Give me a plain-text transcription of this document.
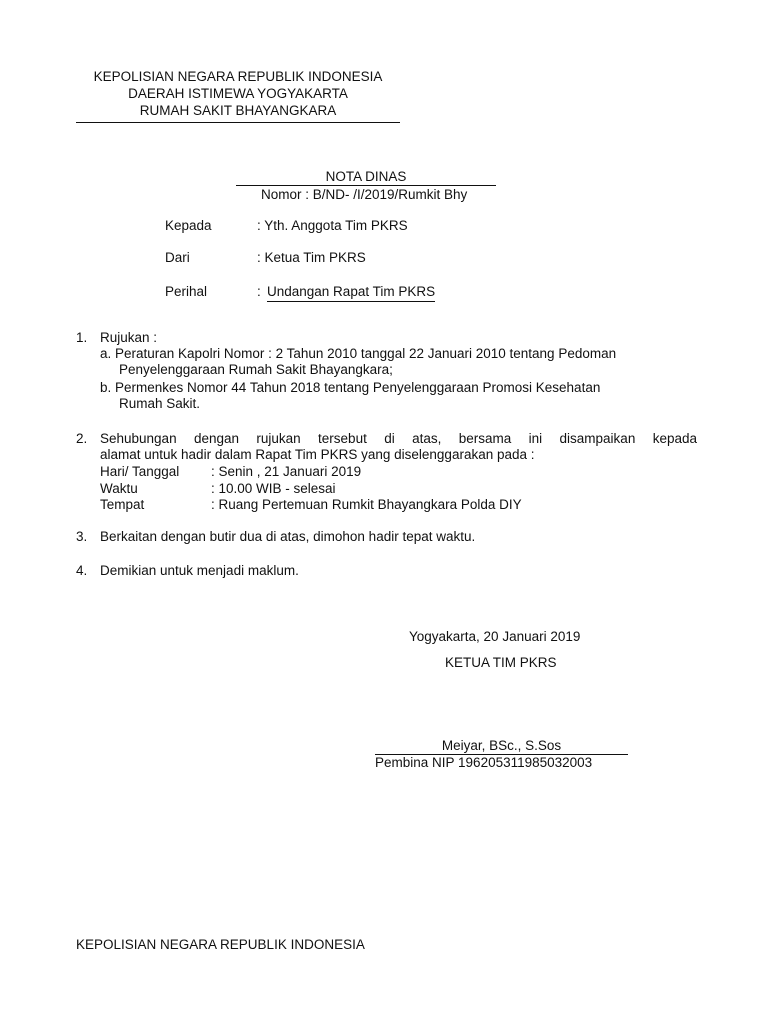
KEPOLISIAN NEGARA REPUBLIK INDONESIA
DAERAH ISTIMEWA YOGYAKARTA
RUMAH SAKIT BHAYANGKARA
NOTA DINAS
Nomor : B/ND- /I/2019/Rumkit Bhy
Kepada	: Yth. Anggota Tim PKRS
Dari	: Ketua Tim PKRS
Perihal	: Undangan Rapat Tim PKRS
1. Rujukan :
a. Peraturan Kapolri Nomor : 2 Tahun 2010 tanggal 22 Januari 2010 tentang Pedoman
Penyelenggaraan Rumah Sakit Bhayangkara;
b. Permenkes Nomor 44 Tahun 2018 tentang Penyelenggaraan Promosi Kesehatan
Rumah Sakit.
2. Sehubungan dengan rujukan tersebut di atas, bersama ini disampaikan kepada
alamat untuk hadir dalam Rapat Tim PKRS yang diselenggarakan pada :
Hari/ Tanggal : Senin , 21 Januari 2019
Waktu	: 10.00 WIB - selesai
Tempat	: Ruang Pertemuan Rumkit Bhayangkara Polda DIY
3. Berkaitan dengan butir dua di atas, dimohon hadir tepat waktu.
4. Demikian untuk menjadi maklum.
Yogyakarta, 20 Januari 2019
KETUA TIM PKRS
Meiyar, BSc., S.Sos
Pembina NIP 196205311985032003
KEPOLISIAN NEGARA REPUBLIK INDONESIA
